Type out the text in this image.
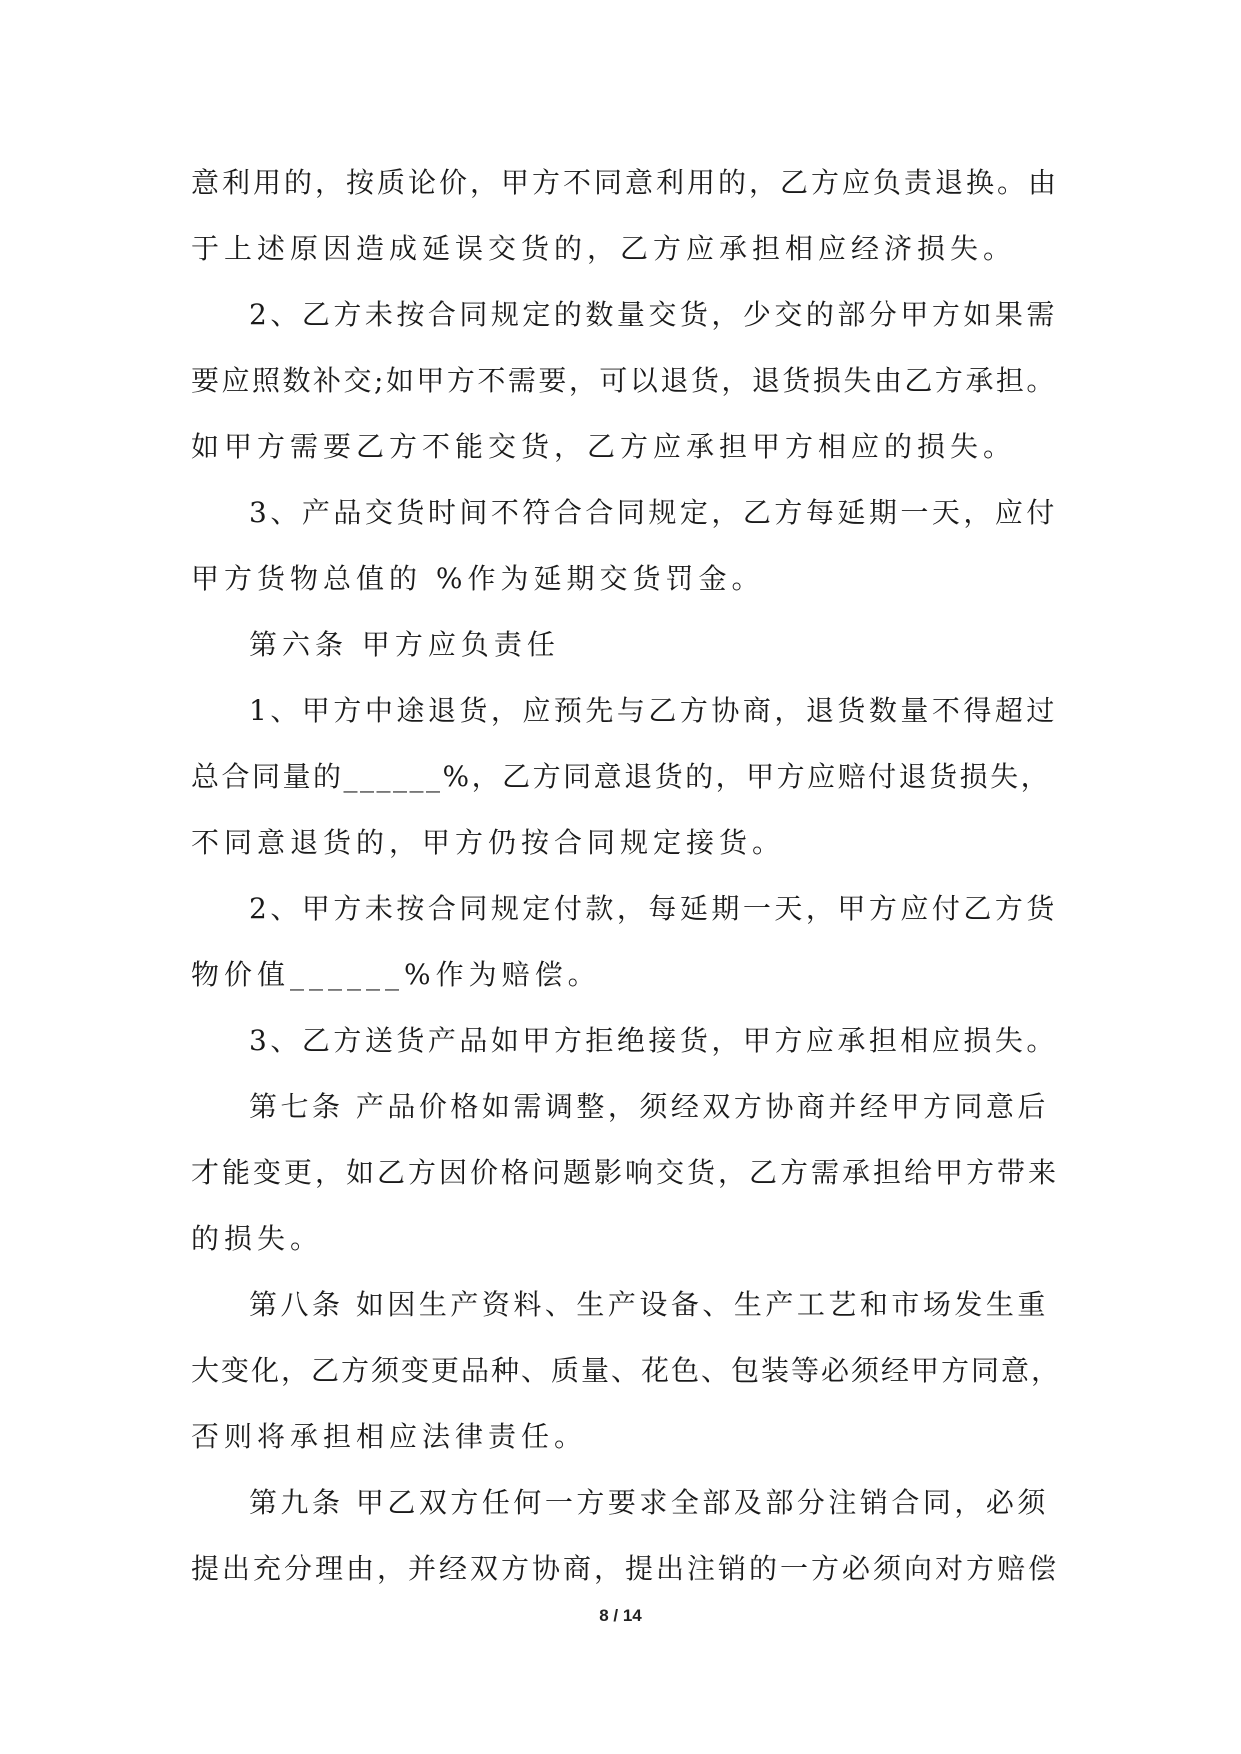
意利用的，按质论价，甲方不同意利用的，乙方应负责退换。由
于上述原因造成延误交货的，乙方应承担相应经济损失。
2、乙方未按合同规定的数量交货，少交的部分甲方如果需
要应照数补交;如甲方不需要，可以退货，退货损失由乙方承担。
如甲方需要乙方不能交货，乙方应承担甲方相应的损失。
3、产品交货时间不符合合同规定，乙方每延期一天，应付
甲方货物总值的 %作为延期交货罚金。
第六条 甲方应负责任
1、甲方中途退货，应预先与乙方协商，退货数量不得超过
总合同量的______%，乙方同意退货的，甲方应赔付退货损失，
不同意退货的，甲方仍按合同规定接货。
2、甲方未按合同规定付款，每延期一天，甲方应付乙方货
物价值______%作为赔偿。
3、乙方送货产品如甲方拒绝接货，甲方应承担相应损失。
第七条 产品价格如需调整，须经双方协商并经甲方同意后
才能变更，如乙方因价格问题影响交货，乙方需承担给甲方带来
的损失。
第八条 如因生产资料、生产设备、生产工艺和市场发生重
大变化，乙方须变更品种、质量、花色、包装等必须经甲方同意，
否则将承担相应法律责任。
第九条 甲乙双方任何一方要求全部及部分注销合同，必须
提出充分理由，并经双方协商，提出注销的一方必须向对方赔偿
8 / 14
